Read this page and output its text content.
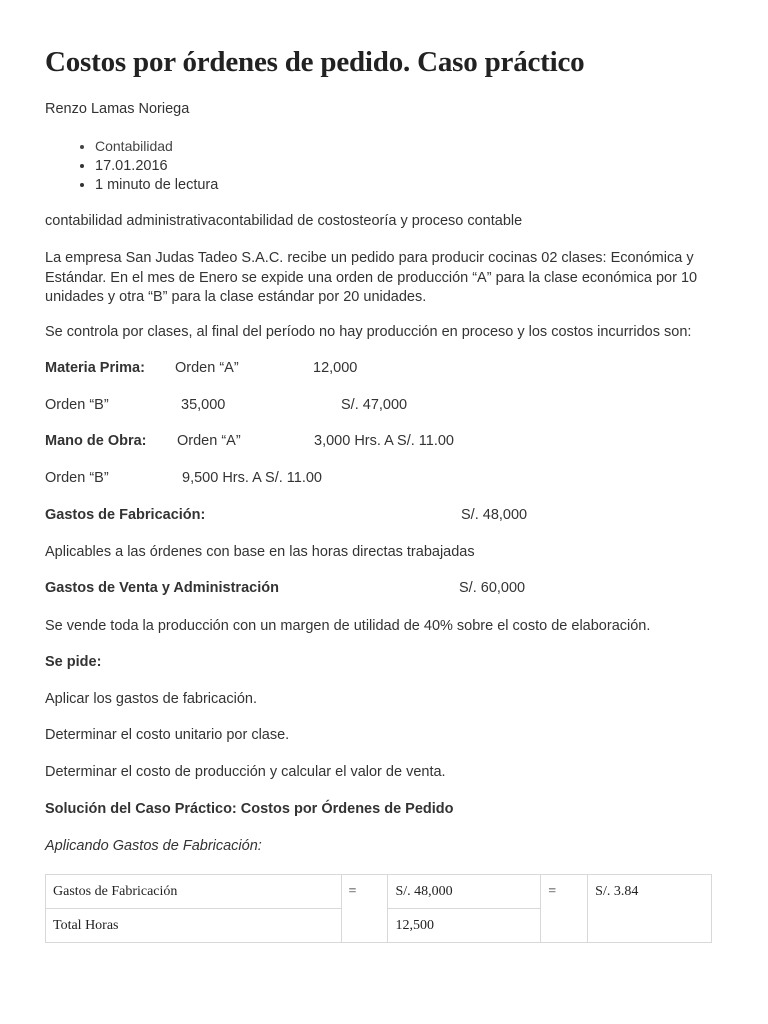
Costos por órdenes de pedido. Caso práctico
Renzo Lamas Noriega
• Contabilidad
• 17.01.2016
• 1 minuto de lectura
contabilidad administrativacontabilidad de costosteoría y proceso contable
La empresa San Judas Tadeo S.A.C. recibe un pedido para producir cocinas 02 clases: Económica y Estándar. En el mes de Enero se expide una orden de producción “A” para la clase económica por 10 unidades y otra “B” para la clase estándar por 20 unidades.
Se controla por clases, al final del período no hay producción en proceso y los costos incurridos son:
Materia Prima: Orden “A”	12,000
Orden “B”	35,000	S/. 47,000
Mano de Obra: Orden “A”	3,000 Hrs. A S/. 11.00
Orden “B”	9,500 Hrs. A S/. 11.00
Gastos de Fabricación:	S/. 48,000
Aplicables a las órdenes con base en las horas directas trabajadas
Gastos de Venta y Administración	S/. 60,000
Se vende toda la producción con un margen de utilidad de 40% sobre el costo de elaboración.
Se pide:
Aplicar los gastos de fabricación.
Determinar el costo unitario por clase.
Determinar el costo de producción y calcular el valor de venta.
Solución del Caso Práctico: Costos por Órdenes de Pedido
Aplicando Gastos de Fabricación:
Gastos de Fabricación	=	S/. 48,000	=	S/. 3.84
Total Horas		12,500		
